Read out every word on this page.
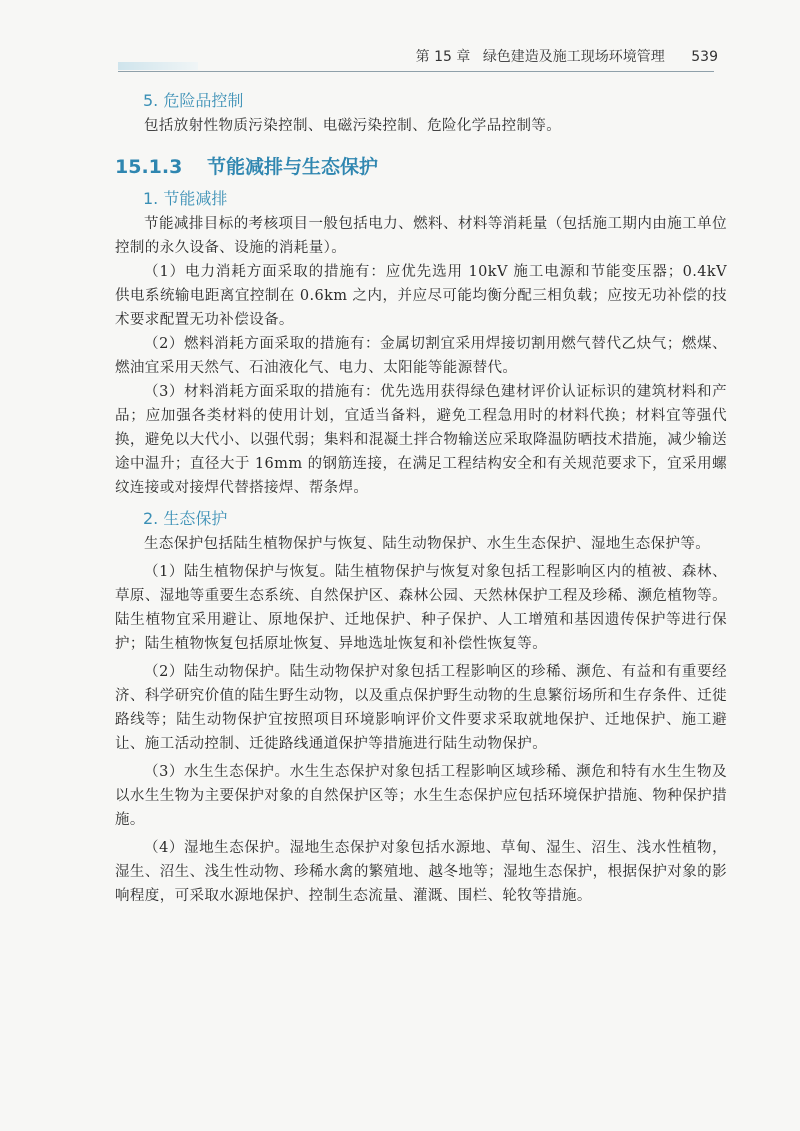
第 15 章 绿色建造及施工现场环境管理 539
5. 危险品控制

包括放射性物质污染控制、电磁污染控制、危险化学品控制等。

15.1.3 节能减排与生态保护
1. 节能减排

节能减排目标的考核项目一般包括电力、燃料、材料等消耗量（包括施工期内由施工单位控制的永久设备、设施的消耗量）。

（1）电力消耗方面采取的措施有：应优先选用 10kV 施工电源和节能变压器；0.4kV 供电系统输电距离宜控制在 0.6km 之内，并应尽可能均衡分配三相负载；应按无功补偿的技术要求配置无功补偿设备。

（2）燃料消耗方面采取的措施有：金属切割宜采用焊接切割用燃气替代乙炔气；燃煤、燃油宜采用天然气、石油液化气、电力、太阳能等能源替代。

（3）材料消耗方面采取的措施有：优先选用获得绿色建材评价认证标识的建筑材料和产品；应加强各类材料的使用计划，宜适当备料，避免工程急用时的材料代换；材料宜等强代换，避免以大代小、以强代弱；集料和混凝土拌合物输送应采取降温防晒技术措施，减少输送途中温升；直径大于 16mm 的钢筋连接，在满足工程结构安全和有关规范要求下，宜采用螺纹连接或对接焊代替搭接焊、帮条焊。

2. 生态保护

生态保护包括陆生植物保护与恢复、陆生动物保护、水生生态保护、湿地生态保护等。

（1）陆生植物保护与恢复。陆生植物保护与恢复对象包括工程影响区内的植被、森林、草原、湿地等重要生态系统、自然保护区、森林公园、天然林保护工程及珍稀、濒危植物等。陆生植物宜采用避让、原地保护、迁地保护、种子保护、人工增殖和基因遗传保护等进行保护；陆生植物恢复包括原址恢复、异地选址恢复和补偿性恢复等。

（2）陆生动物保护。陆生动物保护对象包括工程影响区的珍稀、濒危、有益和有重要经济、科学研究价值的陆生野生动物，以及重点保护野生动物的生息繁衍场所和生存条件、迁徙路线等；陆生动物保护宜按照项目环境影响评价文件要求采取就地保护、迁地保护、施工避让、施工活动控制、迁徙路线通道保护等措施进行陆生动物保护。

（3）水生生态保护。水生生态保护对象包括工程影响区域珍稀、濒危和特有水生生物及以水生生物为主要保护对象的自然保护区等；水生生态保护应包括环境保护措施、物种保护措施。

（4）湿地生态保护。湿地生态保护对象包括水源地、草甸、湿生、沼生、浅水性植物，湿生、沼生、浅生性动物、珍稀水禽的繁殖地、越冬地等；湿地生态保护，根据保护对象的影响程度，可采取水源地保护、控制生态流量、灌溉、围栏、轮牧等措施。
